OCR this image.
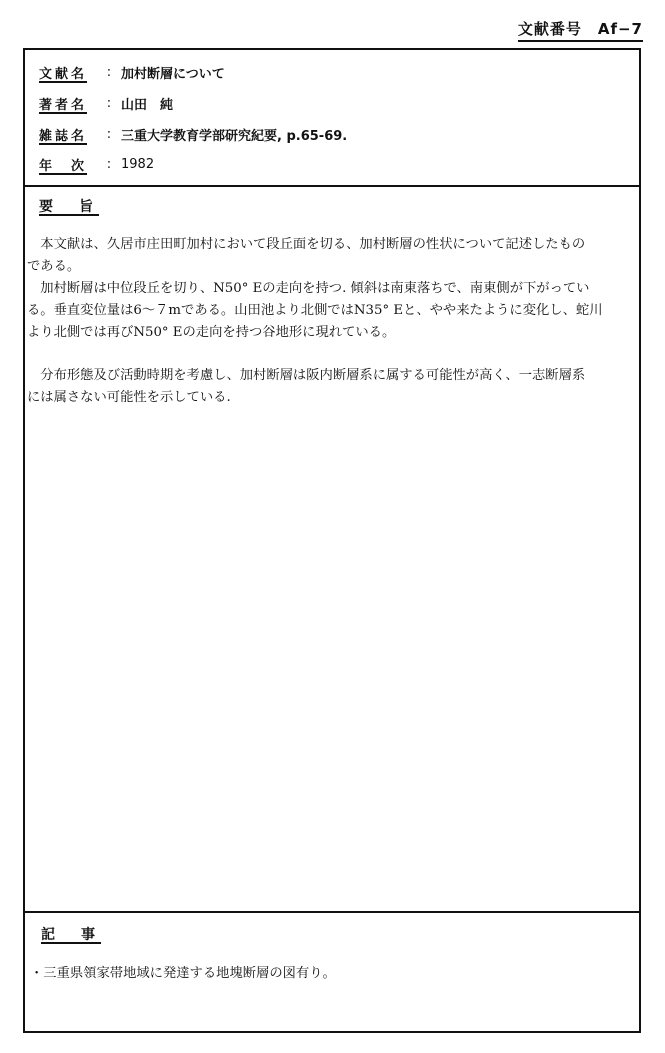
文献番号　Af−7
文献名	: 加村断層について
著者名	: 山田　純
雑誌名	: 三重大学教育学部研究紀要, p.65-69.
年　次	: 1982
要　旨

　本文献は、久居市庄田町加村において段丘面を切る、加村断層の性状について記述したもの

である。

　加村断層は中位段丘を切り、N50° Eの走向を持つ. 傾斜は南東落ちで、南東側が下がってい

る。垂直変位量は6～７mである。山田池より北側ではN35° Eと、やや来たように変化し、蛇川

より北側では再びN50° Eの走向を持つ谷地形に現れている。

　分布形態及び活動時期を考慮し、加村断層は阪内断層系に属する可能性が高く、一志断層系

には属さない可能性を示している.

記　事
・三重県領家帯地域に発達する地塊断層の図有り。
